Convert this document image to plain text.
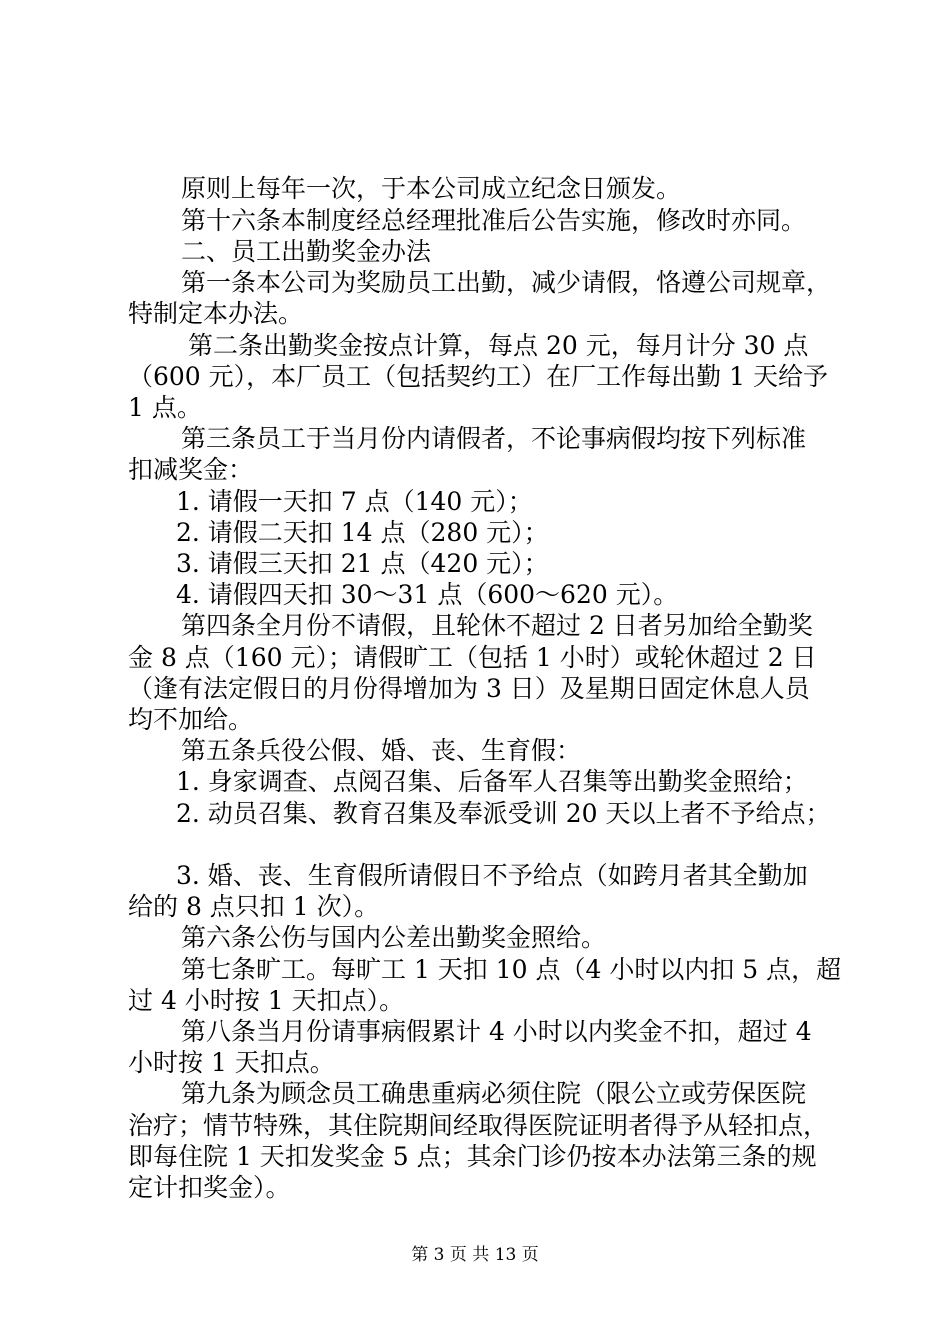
原则上每年一次，于本公司成立纪念日颁发。
第十六条本制度经总经理批准后公告实施，修改时亦同。
二、员工出勤奖金办法
第一条本公司为奖励员工出勤，减少请假，恪遵公司规章，
特制定本办法。
第二条出勤奖金按点计算，每点 20 元，每月计分 30 点
（600 元），本厂员工（包括契约工）在厂工作每出勤 1 天给予
1 点。
第三条员工于当月份内请假者，不论事病假均按下列标准
扣减奖金：
1. 请假一天扣 7 点（140 元）；
2. 请假二天扣 14 点（280 元）；
3. 请假三天扣 21 点（420 元）；
4. 请假四天扣 30～31 点（600～620 元）。
第四条全月份不请假，且轮休不超过 2 日者另加给全勤奖
金 8 点（160 元）；请假旷工（包括 1 小时）或轮休超过 2 日
（逢有法定假日的月份得增加为 3 日）及星期日固定休息人员
均不加给。
第五条兵役公假、婚、丧、生育假：
1. 身家调查、点阅召集、后备军人召集等出勤奖金照给；
2. 动员召集、教育召集及奉派受训 20 天以上者不予给点；
3. 婚、丧、生育假所请假日不予给点（如跨月者其全勤加
给的 8 点只扣 1 次）。
第六条公伤与国内公差出勤奖金照给。
第七条旷工。每旷工 1 天扣 10 点（4 小时以内扣 5 点，超
过 4 小时按 1 天扣点）。
第八条当月份请事病假累计 4 小时以内奖金不扣，超过 4
小时按 1 天扣点。
第九条为顾念员工确患重病必须住院（限公立或劳保医院
治疗；情节特殊，其住院期间经取得医院证明者得予从轻扣点，
即每住院 1 天扣发奖金 5 点；其余门诊仍按本办法第三条的规
定计扣奖金）。
第 3 页 共 13 页
